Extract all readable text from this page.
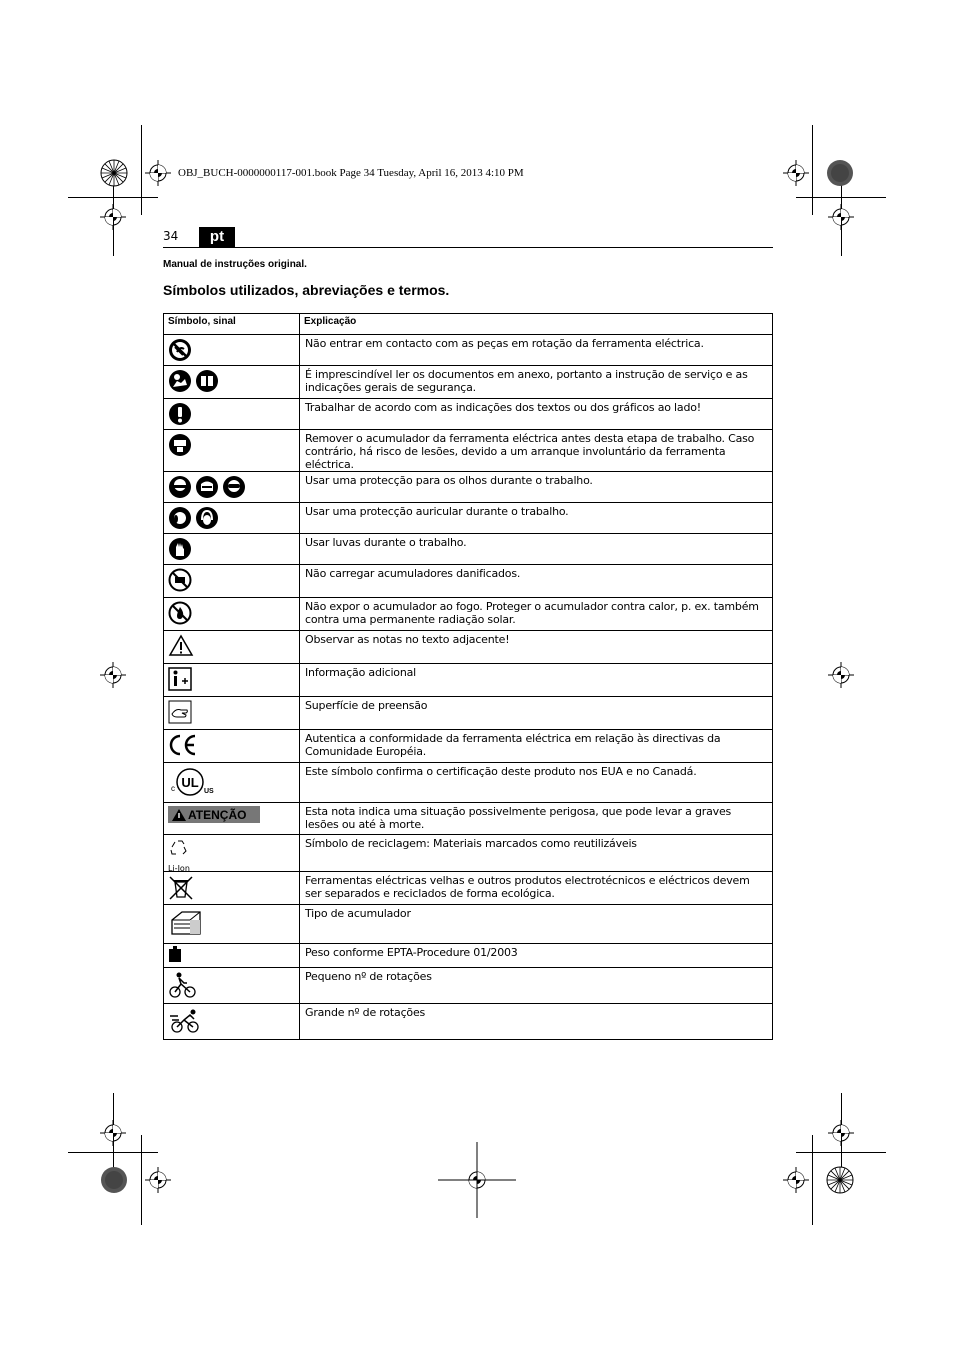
OBJ_BUCH-0000000117-001.book Page 34 Tuesday, April 16, 2013 4:10 PM
34	pt
Manual de instruções original.
Símbolos utilizados, abreviações e termos.
Símbolo, sinal	Explicação

	Não entrar em contacto com as peças em rotação da ferramenta eléctrica.

	É imprescindível ler os documentos em anexo, portanto a instrução de serviço e as indicações gerais de segurança.

	Trabalhar de acordo com as indicações dos textos ou dos gráficos ao lado!

	Remover o acumulador da ferramenta eléctrica antes desta etapa de trabalho. Caso contrário, há risco de lesões, devido a um arranque involuntário da ferramenta eléctrica.

	Usar uma protecção para os olhos durante o trabalho.

	Usar uma protecção auricular durante o trabalho.

	Usar luvas durante o trabalho.

	Não carregar acumuladores danificados.

	Não expor o acumulador ao fogo. Proteger o acumulador contra calor, p. ex. também contra uma permanente radiação solar.

	Observar as notas no texto adjacente!

	Informação adicional

	Superfície de preensão

	Autentica a conformidade da ferramenta eléctrica em relação às directivas da Comunidade Européia.

UL
c US	Este símbolo confirma o certificação deste produto nos EUA e no Canadá.

ATENÇÃO	Esta nota indica uma situação possivelmente perigosa, que pode levar a graves lesões ou até à morte.

Li-Ion	Símbolo de reciclagem: Materiais marcados como reutilizáveis

	Ferramentas eléctricas velhas e outros produtos electrotécnicos e eléctricos devem ser separados e reciclados de forma ecológica.

	Tipo de acumulador

	Peso conforme EPTA-Procedure 01/2003

	Pequeno nº de rotações

	Grande nº de rotações
